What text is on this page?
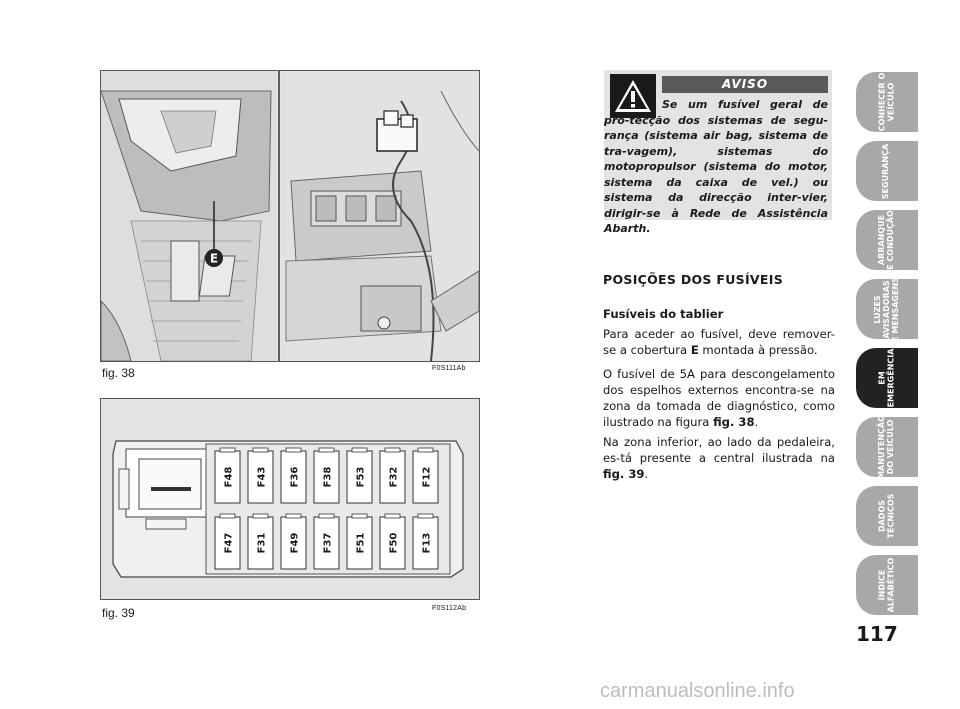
E
fig. 38	F0S111Ab
F48 F43 F36 F38 F53 F32 F12
F47 F31 F49 F37 F51 F50 F13
fig. 39	F0S112Ab
AVISO
Se um fusível geral de pro-tecção dos sistemas de segu-rança (sistema air bag, sistema de tra-vagem), sistemas do motopropulsor (sistema do motor, sistema da caixa de vel.) ou sistema da direcção inter-vier, dirigir-se à Rede de Assistência Abarth.
POSIÇÕES DOS FUSÍVEIS
Fusíveis do tablier
Para aceder ao fusível, deve remover-se a cobertura E montada à pressão.
O fusível de 5A para descongelamento dos espelhos externos encontra-se na zona da tomada de diagnóstico, como ilustrado na figura fig. 38.
Na zona inferior, ao lado da pedaleira, es-tá presente a central ilustrada na fig. 39.
CONHECER O
VEÍCULO
SEGURANÇA
ARRANQUE
E CONDUÇÃO
LUZES
AVISADORAS
E MENSAGENS
EM
EMERGÊNCIA
MANUTENÇÃO
DO VEÍCULO
DADOS
TÉCNICOS
ÍNDICE
ALFABÉTICO
117
carmanualsonline.info
